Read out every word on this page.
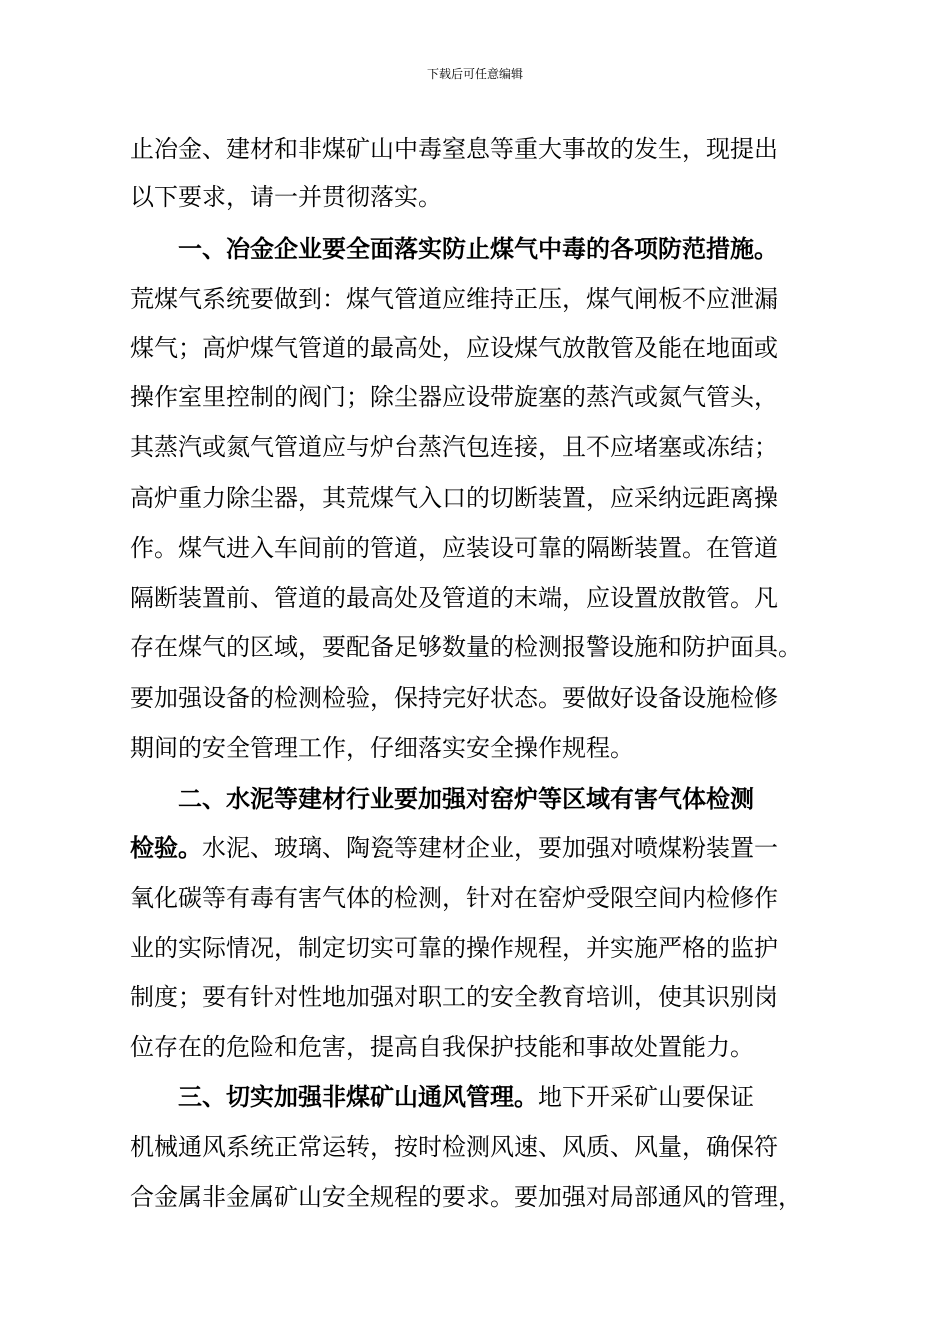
下载后可任意编辑
止冶金、建材和非煤矿山中毒窒息等重大事故的发生，现提出
以下要求，请一并贯彻落实。
一、冶金企业要全面落实防止煤气中毒的各项防范措施。
荒煤气系统要做到：煤气管道应维持正压，煤气闸板不应泄漏
煤气；高炉煤气管道的最高处，应设煤气放散管及能在地面或
操作室里控制的阀门；除尘器应设带旋塞的蒸汽或氮气管头，
其蒸汽或氮气管道应与炉台蒸汽包连接，且不应堵塞或冻结；
高炉重力除尘器，其荒煤气入口的切断装置，应采纳远距离操
作。煤气进入车间前的管道，应装设可靠的隔断装置。在管道
隔断装置前、管道的最高处及管道的末端，应设置放散管。凡
存在煤气的区域，要配备足够数量的检测报警设施和防护面具。
要加强设备的检测检验，保持完好状态。要做好设备设施检修
期间的安全管理工作，仔细落实安全操作规程。
二、水泥等建材行业要加强对窑炉等区域有害气体检测
检验。水泥、玻璃、陶瓷等建材企业，要加强对喷煤粉装置一
氧化碳等有毒有害气体的检测，针对在窑炉受限空间内检修作
业的实际情况，制定切实可靠的操作规程，并实施严格的监护
制度；要有针对性地加强对职工的安全教育培训，使其识别岗
位存在的危险和危害，提高自我保护技能和事故处置能力。
三、切实加强非煤矿山通风管理。地下开采矿山要保证
机械通风系统正常运转，按时检测风速、风质、风量，确保符
合金属非金属矿山安全规程的要求。要加强对局部通风的管理，
